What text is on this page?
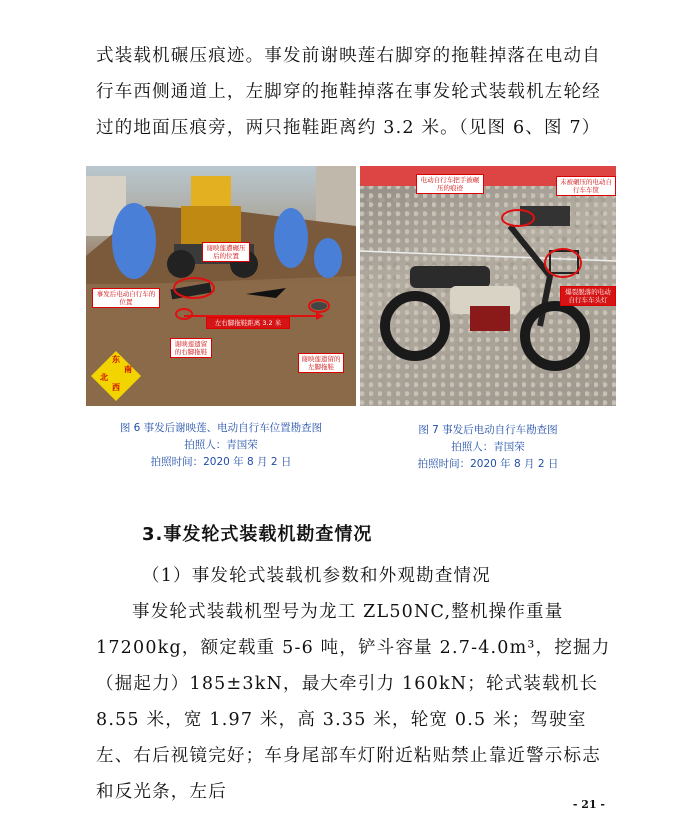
式装载机碾压痕迹。事发前谢映莲右脚穿的拖鞋掉落在电动自行车西侧通道上，左脚穿的拖鞋掉落在事发轮式装载机左轮经过的地面压痕旁，两只拖鞋距离约 3.2 米。（见图 6、图 7）

谢映莲遭碾压后的位置
事发后电动自行车的位置
谢映莲遗留的右脚拖鞋
左右脚拖鞋距离 3.2 米
谢映莲遗留的左脚拖鞋
东
南
北
西
电动自行车把手被碾压的痕迹
未被碾压的电动自行车车筐
爆裂脱落的电动自行车车头灯
图 6 事发后谢映莲、电动自行车位置勘查图
拍照人：青国荣
拍照时间：2020 年 8 月 2 日
图 7 事发后电动自行车勘查图
拍照人：青国荣
拍照时间：2020 年 8 月 2 日
3.事发轮式装载机勘查情况
（1）事发轮式装载机参数和外观勘查情况

事发轮式装载机型号为龙工 ZL50NC,整机操作重量 17200kg，额定载重 5-6 吨，铲斗容量 2.7-4.0m³，挖掘力（掘起力）185±3kN，最大牵引力 160kN；轮式装载机长 8.55 米，宽 1.97 米，高 3.35 米，轮宽 0.5 米；驾驶室左、右后视镜完好；车身尾部车灯附近粘贴禁止靠近警示标志和反光条，左后

- 21 -
